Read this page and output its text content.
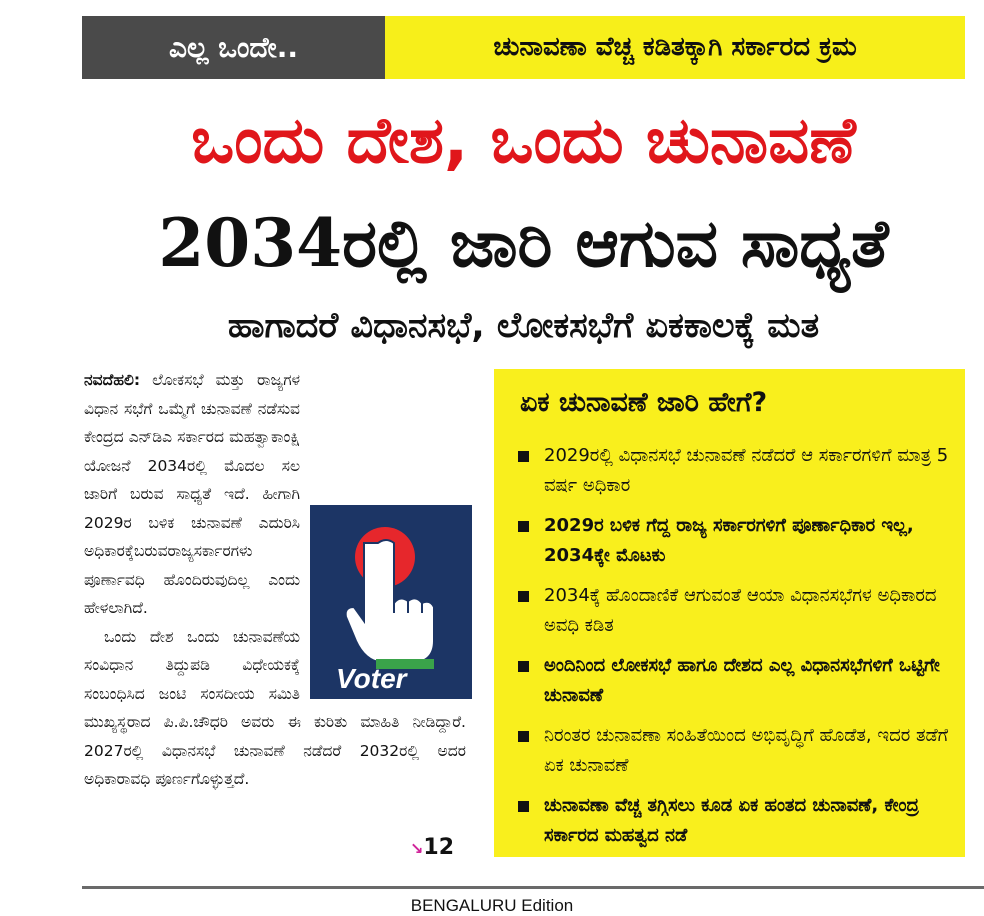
ಎಲ್ಲ ಒಂದೇ..	ಚುನಾವಣಾ ವೆಚ್ಚ ಕಡಿತಕ್ಕಾಗಿ ಸರ್ಕಾರದ ಕ್ರಮ
ಒಂದು ದೇಶ, ಒಂದು ಚುನಾವಣೆ
2034ರಲ್ಲಿ ಜಾರಿ ಆಗುವ ಸಾಧ್ಯತೆ
ಹಾಗಾದರೆ ವಿಧಾನಸಭೆ, ಲೋಕಸಭೆಗೆ ಏಕಕಾಲಕ್ಕೆ ಮತ
Voter

ನವದೆಹಲಿ: ಲೋಕಸಭೆ ಮತ್ತು ರಾಜ್ಯಗಳ ವಿಧಾನ ಸಭೆಗೆ ಒಮ್ಮೆಗೆ ಚುನಾವಣೆ ನಡೆಸುವ ಕೇಂದ್ರದ ಎನ್‌ಡಿಎ ಸರ್ಕಾರದ ಮಹತ್ವಾಕಾಂಕ್ಷಿ ಯೋಜನೆ 2034ರಲ್ಲಿ ಮೊದಲ ಸಲ ಜಾರಿಗೆ ಬರುವ ಸಾಧ್ಯತೆ ಇದೆ. ಹೀಗಾಗಿ 2029ರ ಬಳಿಕ ಚುನಾವಣೆ ಎದುರಿಸಿ ಅಧಿಕಾರಕ್ಕೆಬರುವರಾಜ್ಯಸರ್ಕಾರಗಳು ಪೂರ್ಣಾವಧಿ ಹೊಂದಿರುವುದಿಲ್ಲ ಎಂದು ಹೇಳಲಾಗಿದೆ.

ಒಂದು ದೇಶ ಒಂದು ಚುನಾವಣೆಯ ಸಂವಿಧಾನ ತಿದ್ದುಪಡಿ ವಿಧೇಯಕಕ್ಕೆ ಸಂಬಂಧಿಸಿದ ಜಂಟಿ ಸಂಸದೀಯ ಸಮಿತಿ ಮುಖ್ಯಸ್ಥರಾದ ಪಿ.ಪಿ.ಚೌಧರಿ ಅವರು ಈ ಕುರಿತು ಮಾಹಿತಿ ನೀಡಿದ್ದಾರೆ. 2027ರಲ್ಲಿ ವಿಧಾನಸಭೆ ಚುನಾವಣೆ ನಡೆದರೆ 2032ರಲ್ಲಿ ಅದರ ಅಧಿಕಾರಾವಧಿ ಪೂರ್ಣಗೊಳ್ಳುತ್ತದೆ.

↘12
ಏಕ ಚುನಾವಣೆ ಜಾರಿ ಹೇಗೆ?
2029ರಲ್ಲಿ ವಿಧಾನಸಭೆ ಚುನಾವಣೆ ನಡೆದರೆ ಆ ಸರ್ಕಾರಗಳಿಗೆ ಮಾತ್ರ 5 ವರ್ಷ ಅಧಿಕಾರ
2029ರ ಬಳಿಕ ಗೆದ್ದ ರಾಜ್ಯ ಸರ್ಕಾರಗಳಿಗೆ ಪೂರ್ಣಾಧಿಕಾರ ಇಲ್ಲ, 2034ಕ್ಕೇ ಮೊಟಕು
2034ಕ್ಕೆ ಹೊಂದಾಣಿಕೆ ಆಗುವಂತೆ ಆಯಾ ವಿಧಾನಸಭೆಗಳ ಅಧಿಕಾರದ ಅವಧಿ ಕಡಿತ
ಅಂದಿನಿಂದ ಲೋಕಸಭೆ ಹಾಗೂ ದೇಶದ ಎಲ್ಲ ವಿಧಾನಸಭೆಗಳಿಗೆ ಒಟ್ಟಿಗೇ ಚುನಾವಣೆ
ನಿರಂತರ ಚುನಾವಣಾ ಸಂಹಿತೆಯಿಂದ ಅಭಿವೃದ್ಧಿಗೆ ಹೊಡೆತ, ಇದರ ತಡೆಗೆ ಏಕ ಚುನಾವಣೆ
ಚುನಾವಣಾ ವೆಚ್ಚ ತಗ್ಗಿಸಲು ಕೂಡ ಏಕ ಹಂತದ ಚುನಾವಣೆ, ಕೇಂದ್ರ ಸರ್ಕಾರದ ಮಹತ್ವದ ನಡೆ
BENGALURU Edition
